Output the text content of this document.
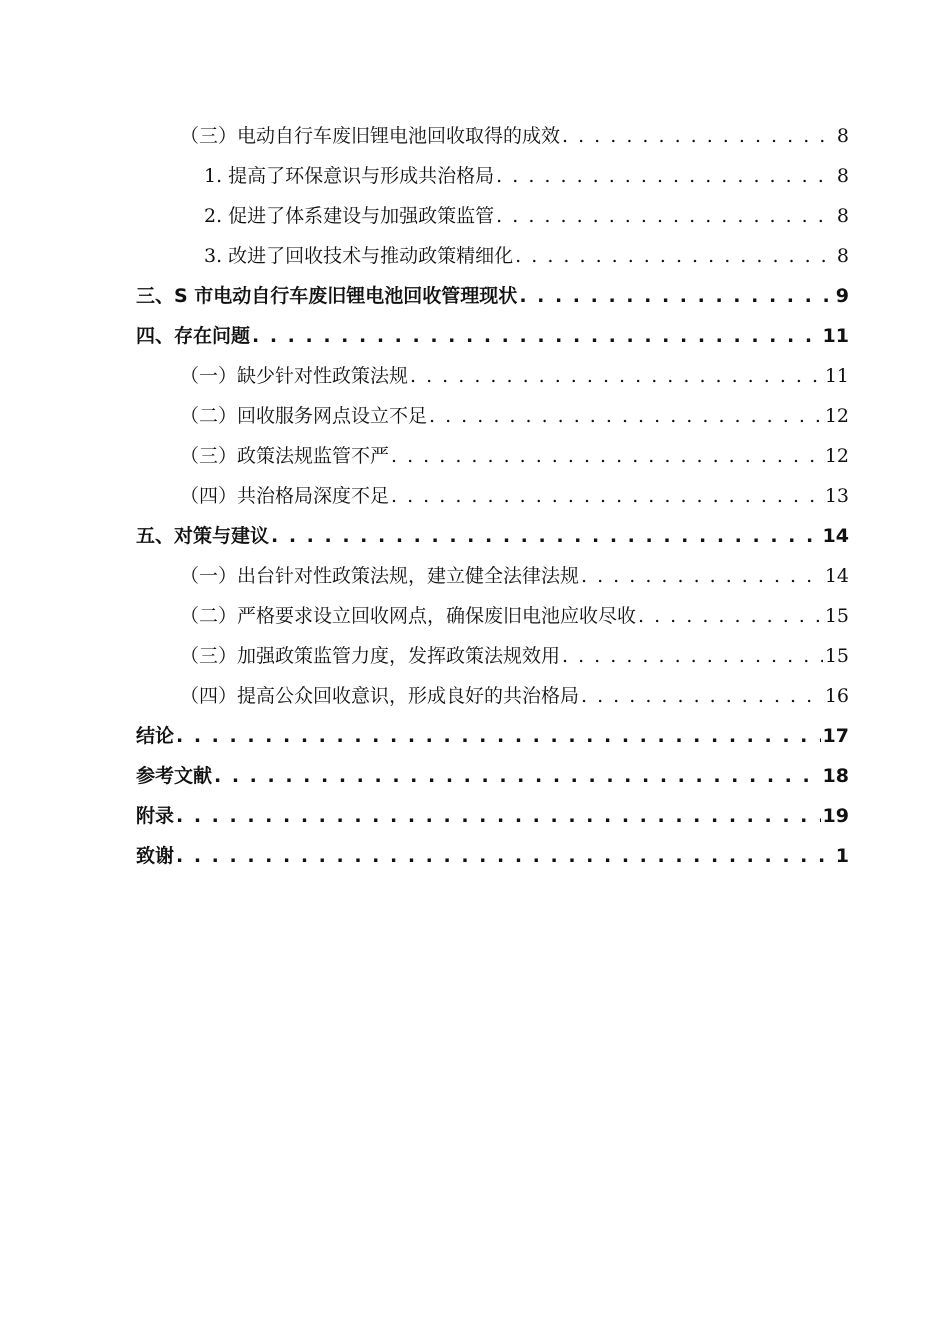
（三）电动自行车废旧锂电池回收取得的成效 . . .	8
1. 提高了环保意识与形成共治格局 . . .	8
2. 促进了体系建设与加强政策监管 . . .	8
3. 改进了回收技术与推动政策精细化 . . .	8
三、S 市电动自行车废旧锂电池回收管理现状 . . .	9
四、存在问题 . . .	11
（一）缺少针对性政策法规 . . .	11
（二）回收服务网点设立不足 . . .	12
（三）政策法规监管不严 . . .	12
（四）共治格局深度不足 . . .	13
五、对策与建议 . . .	14
（一）出台针对性政策法规，建立健全法律法规 . . .	14
（二）严格要求设立回收网点，确保废旧电池应收尽收 . . .	15
（三）加强政策监管力度，发挥政策法规效用 . . .	15
（四）提高公众回收意识，形成良好的共治格局 . . .	16
结论 . . .	17
参考文献 . . .	18
附录 . . .	19
致谢 . . .	1
